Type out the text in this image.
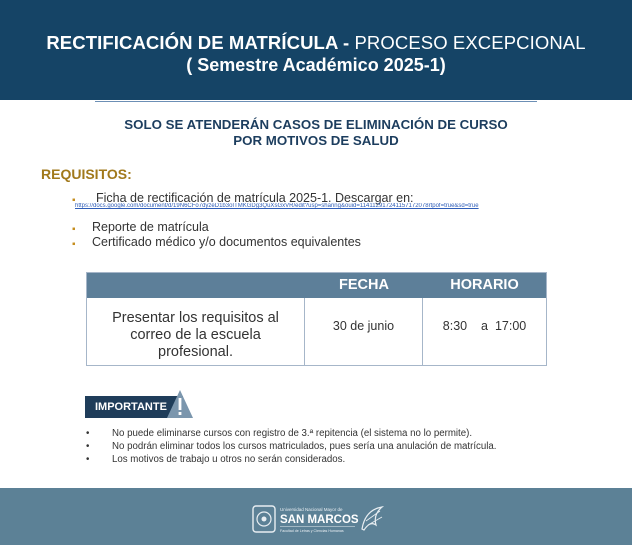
RECTIFICACIÓN DE MATRÍCULA - PROCESO EXCEPCIONAL
( Semestre Académico 2025-1)
SOLO SE ATENDERÁN CASOS DE ELIMINACIÓN DE CURSO
POR MOTIVOS DE SALUD
REQUISITOS:
▪ Ficha de rectificación de matrícula 2025-1. Descargar en:
https://docs.google.com/document/d/19N6CFo7dyzeD1b3oITMKGDg3QuXsGxVR/edit?usp=sharing&ouid=114112917241157172078rtpof=true&sd=true
▪ Reporte de matrícula
▪ Certificado médico y/o documentos equivalentes
FECHA	HORARIO
Presentar los requisitos al
correo de la escuela
profesional.
30 de junio	8:30 a 17:00
IMPORTANTE
• No puede eliminarse cursos con registro de 3.ª repitencia (el sistema no lo permite).
• No podrán eliminar todos los cursos matriculados, pues sería una anulación de matrícula.
• Los motivos de trabajo u otros no serán considerados.
Universidad Nacional Mayor de
SAN MARCOS
Facultad de Letras y Ciencias Humanas
